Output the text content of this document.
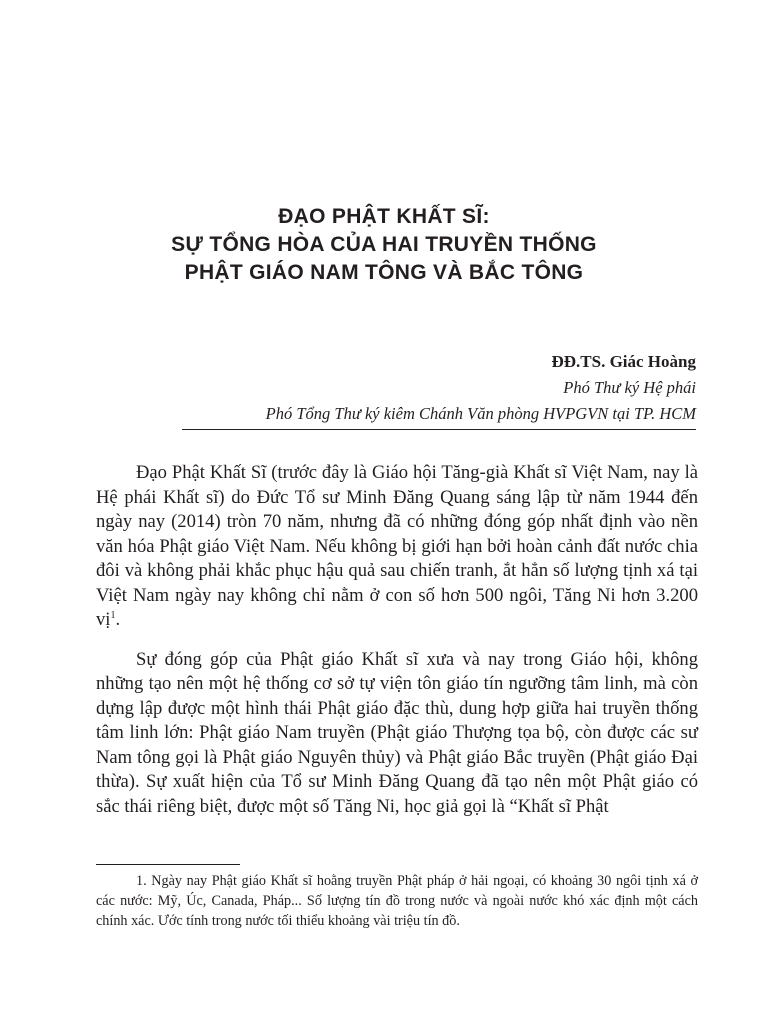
ĐẠO PHẬT KHẤT SĨ:
SỰ TỔNG HÒA CỦA HAI TRUYỀN THỐNG
PHẬT GIÁO NAM TÔNG VÀ BẮC TÔNG
ĐĐ.TS. Giác Hoàng
Phó Thư ký Hệ phái
Phó Tổng Thư ký kiêm Chánh Văn phòng HVPGVN tại TP. HCM

Đạo Phật Khất Sĩ (trước đây là Giáo hội Tăng-già Khất sĩ Việt Nam, nay là Hệ phái Khất sĩ) do Đức Tổ sư Minh Đăng Quang sáng lập từ năm 1944 đến ngày nay (2014) tròn 70 năm, nhưng đã có những đóng góp nhất định vào nền văn hóa Phật giáo Việt Nam. Nếu không bị giới hạn bởi hoàn cảnh đất nước chia đôi và không phải khắc phục hậu quả sau chiến tranh, ắt hẳn số lượng tịnh xá tại Việt Nam ngày nay không chỉ nằm ở con số hơn 500 ngôi, Tăng Ni hơn 3.200 vị$^1$.

Sự đóng góp của Phật giáo Khất sĩ xưa và nay trong Giáo hội, không những tạo nên một hệ thống cơ sở tự viện tôn giáo tín ngưỡng tâm linh, mà còn dựng lập được một hình thái Phật giáo đặc thù, dung hợp giữa hai truyền thống tâm linh lớn: Phật giáo Nam truyền (Phật giáo Thượng tọa bộ, còn được các sư Nam tông gọi là Phật giáo Nguyên thủy) và Phật giáo Bắc truyền (Phật giáo Đại thừa). Sự xuất hiện của Tổ sư Minh Đăng Quang đã tạo nên một Phật giáo có sắc thái riêng biệt, được một số Tăng Ni, học giả gọi là “Khất sĩ Phật

1. Ngày nay Phật giáo Khất sĩ hoằng truyền Phật pháp ở hải ngoại, có khoảng 30 ngôi tịnh xá ở các nước: Mỹ, Úc, Canada, Pháp... Số lượng tín đồ trong nước và ngoài nước khó xác định một cách chính xác. Ước tính trong nước tối thiểu khoảng vài triệu tín đồ.
